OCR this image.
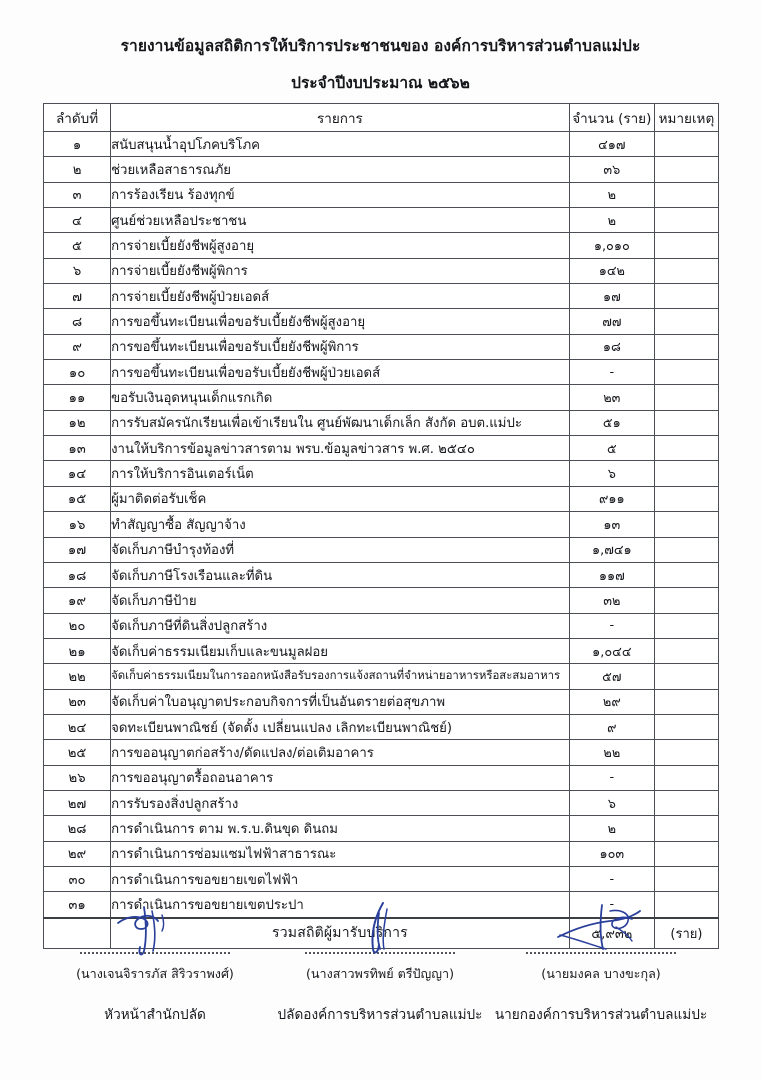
รายงานข้อมูลสถิติการให้บริการประชาชนของ องค์การบริหารส่วนตำบลแม่ปะ
ประจำปีงบประมาณ ๒๕๖๒
ลำดับที่	รายการ	จำนวน (ราย)	หมายเหตุ
๑	สนับสนุนน้ำอุปโภคบริโภค	๔๑๗	
๒	ช่วยเหลือสาธารณภัย	๓๖	
๓	การร้องเรียน ร้องทุกข์	๒	
๔	ศูนย์ช่วยเหลือประชาชน	๒	
๕	การจ่ายเบี้ยยังชีพผู้สูงอายุ	๑,๐๑๐	
๖	การจ่ายเบี้ยยังชีพผู้พิการ	๑๔๒	
๗	การจ่ายเบี้ยยังชีพผู้ป่วยเอดส์	๑๗	
๘	การขอขึ้นทะเบียนเพื่อขอรับเบี้ยยังชีพผู้สูงอายุ	๗๗	
๙	การขอขึ้นทะเบียนเพื่อขอรับเบี้ยยังชีพผู้พิการ	๑๘	
๑๐	การขอขึ้นทะเบียนเพื่อขอรับเบี้ยยังชีพผู้ป่วยเอดส์	-	
๑๑	ขอรับเงินอุดหนุนเด็กแรกเกิด	๒๓	
๑๒	การรับสมัครนักเรียนเพื่อเข้าเรียนใน ศูนย์พัฒนาเด็กเล็ก สังกัด อบต.แม่ปะ	๕๑	
๑๓	งานให้บริการข้อมูลข่าวสารตาม พรบ.ข้อมูลข่าวสาร พ.ศ. ๒๕๔๐	๕	
๑๔	การให้บริการอินเตอร์เน็ต	๖	
๑๕	ผู้มาติดต่อรับเช็ค	๙๑๑	
๑๖	ทำสัญญาซื้อ สัญญาจ้าง	๑๓	
๑๗	จัดเก็บภาษีบำรุงท้องที่	๑,๗๔๑	
๑๘	จัดเก็บภาษีโรงเรือนและที่ดิน	๑๑๗	
๑๙	จัดเก็บภาษีป้าย	๓๒	
๒๐	จัดเก็บภาษีที่ดินสิ่งปลูกสร้าง	-	
๒๑	จัดเก็บค่าธรรมเนียมเก็บและขนมูลฝอย	๑,๐๔๔	
๒๒	จัดเก็บค่าธรรมเนียมในการออกหนังสือรับรองการแจ้งสถานที่จำหน่ายอาหารหรือสะสมอาหาร	๕๗	
๒๓	จัดเก็บค่าใบอนุญาตประกอบกิจการที่เป็นอันตรายต่อสุขภาพ	๒๙	
๒๔	จดทะเบียนพาณิชย์ (จัดตั้ง เปลี่ยนแปลง เลิกทะเบียนพาณิชย์)	๙	
๒๕	การขออนุญาตก่อสร้าง/ดัดแปลง/ต่อเติมอาคาร	๒๒	
๒๖	การขออนุญาตรื้อถอนอาคาร	-	
๒๗	การรับรองสิ่งปลูกสร้าง	๖	
๒๘	การดำเนินการ ตาม พ.ร.บ.ดินขุด ดินถม	๒	
๒๙	การดำเนินการซ่อมแซมไฟฟ้าสาธารณะ	๑๐๓	
๓๐	การดำเนินการขอขยายเขตไฟฟ้า	-	
๓๑	การดำเนินการขอขยายเขตประปา	-	
	รวมสถิติผู้มารับบริการ	๕,๙๓๒	(ราย)
(นางเจนจิรารภัส สิริวราพงศ์)
หัวหน้าสำนักปลัด
(นางสาวพรทิพย์ ตรีปัญญา)
ปลัดองค์การบริหารส่วนตำบลแม่ปะ
(นายมงคล บางขะกุล)
นายกองค์การบริหารส่วนตำบลแม่ปะ
